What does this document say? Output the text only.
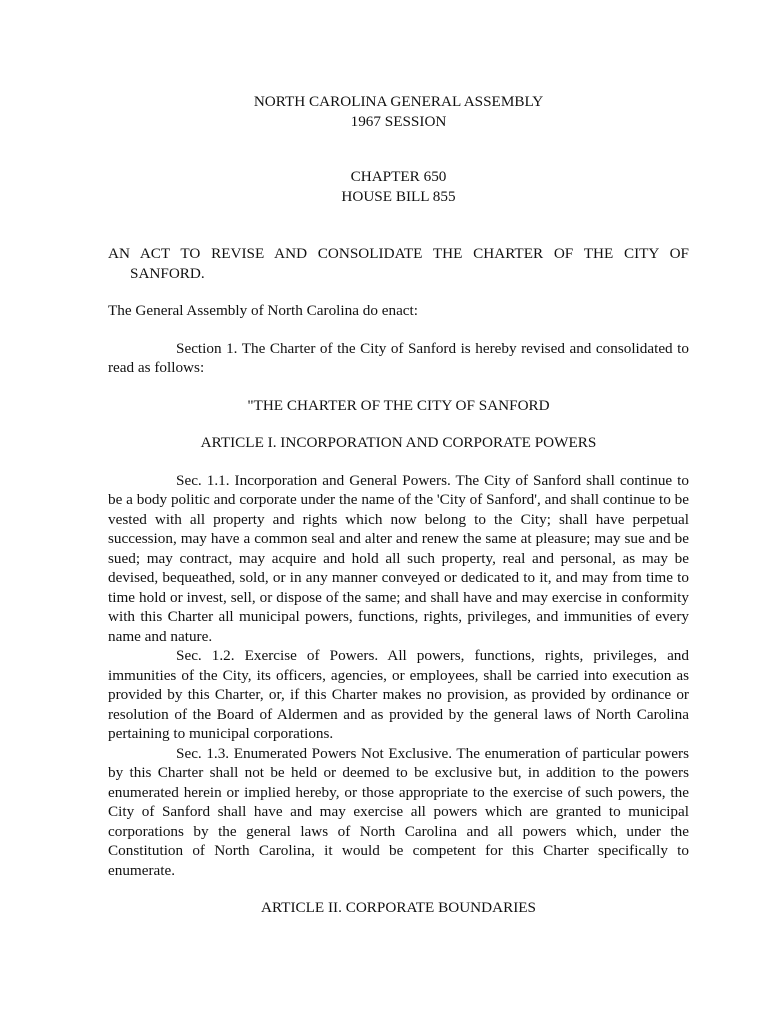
NORTH CAROLINA GENERAL ASSEMBLY

1967 SESSION

CHAPTER 650

HOUSE BILL 855

AN ACT TO REVISE AND CONSOLIDATE THE CHARTER OF THE CITY OF SANFORD.

The General Assembly of North Carolina do enact:

Section 1. The Charter of the City of Sanford is hereby revised and consolidated to read as follows:

"THE CHARTER OF THE CITY OF SANFORD

ARTICLE I. INCORPORATION AND CORPORATE POWERS

Sec. 1.1. Incorporation and General Powers. The City of Sanford shall continue to be a body politic and corporate under the name of the 'City of Sanford', and shall continue to be vested with all property and rights which now belong to the City; shall have perpetual succession, may have a common seal and alter and renew the same at pleasure; may sue and be sued; may contract, may acquire and hold all such property, real and personal, as may be devised, bequeathed, sold, or in any manner conveyed or dedicated to it, and may from time to time hold or invest, sell, or dispose of the same; and shall have and may exercise in conformity with this Charter all municipal powers, functions, rights, privileges, and immunities of every name and nature.

Sec. 1.2. Exercise of Powers. All powers, functions, rights, privileges, and immunities of the City, its officers, agencies, or employees, shall be carried into execution as provided by this Charter, or, if this Charter makes no provision, as provided by ordinance or resolution of the Board of Aldermen and as provided by the general laws of North Carolina pertaining to municipal corporations.

Sec. 1.3. Enumerated Powers Not Exclusive. The enumeration of particular powers by this Charter shall not be held or deemed to be exclusive but, in addition to the powers enumerated herein or implied hereby, or those appropriate to the exercise of such powers, the City of Sanford shall have and may exercise all powers which are granted to municipal corporations by the general laws of North Carolina and all powers which, under the Constitution of North Carolina, it would be competent for this Charter specifically to enumerate.

ARTICLE II. CORPORATE BOUNDARIES
